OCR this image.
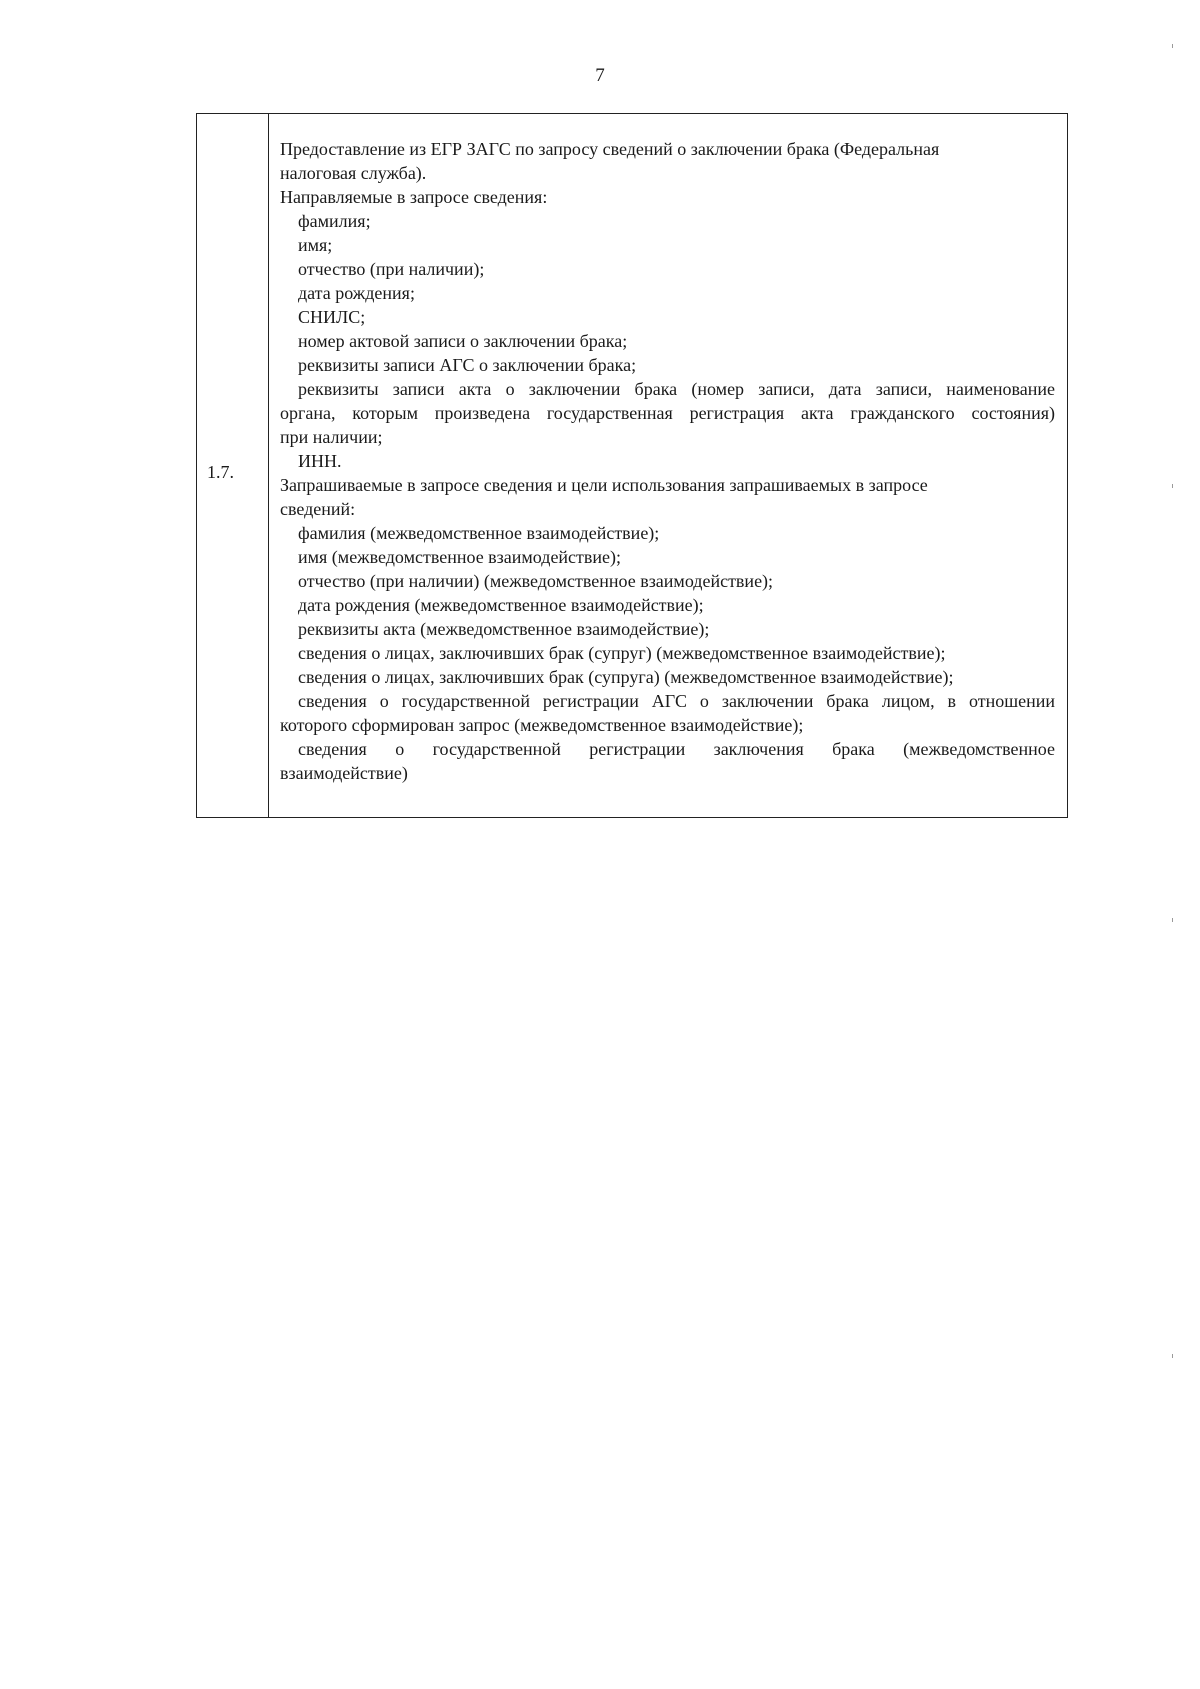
7
1.7.
Предоставление из ЕГР ЗАГС по запросу сведений о заключении брака (Федеральная
налоговая служба).
Направляемые в запросе сведения:
фамилия;
имя;
отчество (при наличии);
дата рождения;
СНИЛС;
номер актовой записи о заключении брака;
реквизиты записи АГС о заключении брака;
реквизиты записи акта о заключении брака (номер записи, дата записи, наименование
органа, которым произведена государственная регистрация акта гражданского состояния)
при наличии;
ИНН.
Запрашиваемые в запросе сведения и цели использования запрашиваемых в запросе
сведений:
фамилия (межведомственное взаимодействие);
имя (межведомственное взаимодействие);
отчество (при наличии) (межведомственное взаимодействие);
дата рождения (межведомственное взаимодействие);
реквизиты акта (межведомственное взаимодействие);
сведения о лицах, заключивших брак (супруг) (межведомственное взаимодействие);
сведения о лицах, заключивших брак (супруга) (межведомственное взаимодействие);
сведения о государственной регистрации АГС о заключении брака лицом, в отношении
которого сформирован запрос (межведомственное взаимодействие);
сведения о государственной регистрации заключения брака (межведомственное
взаимодействие)
